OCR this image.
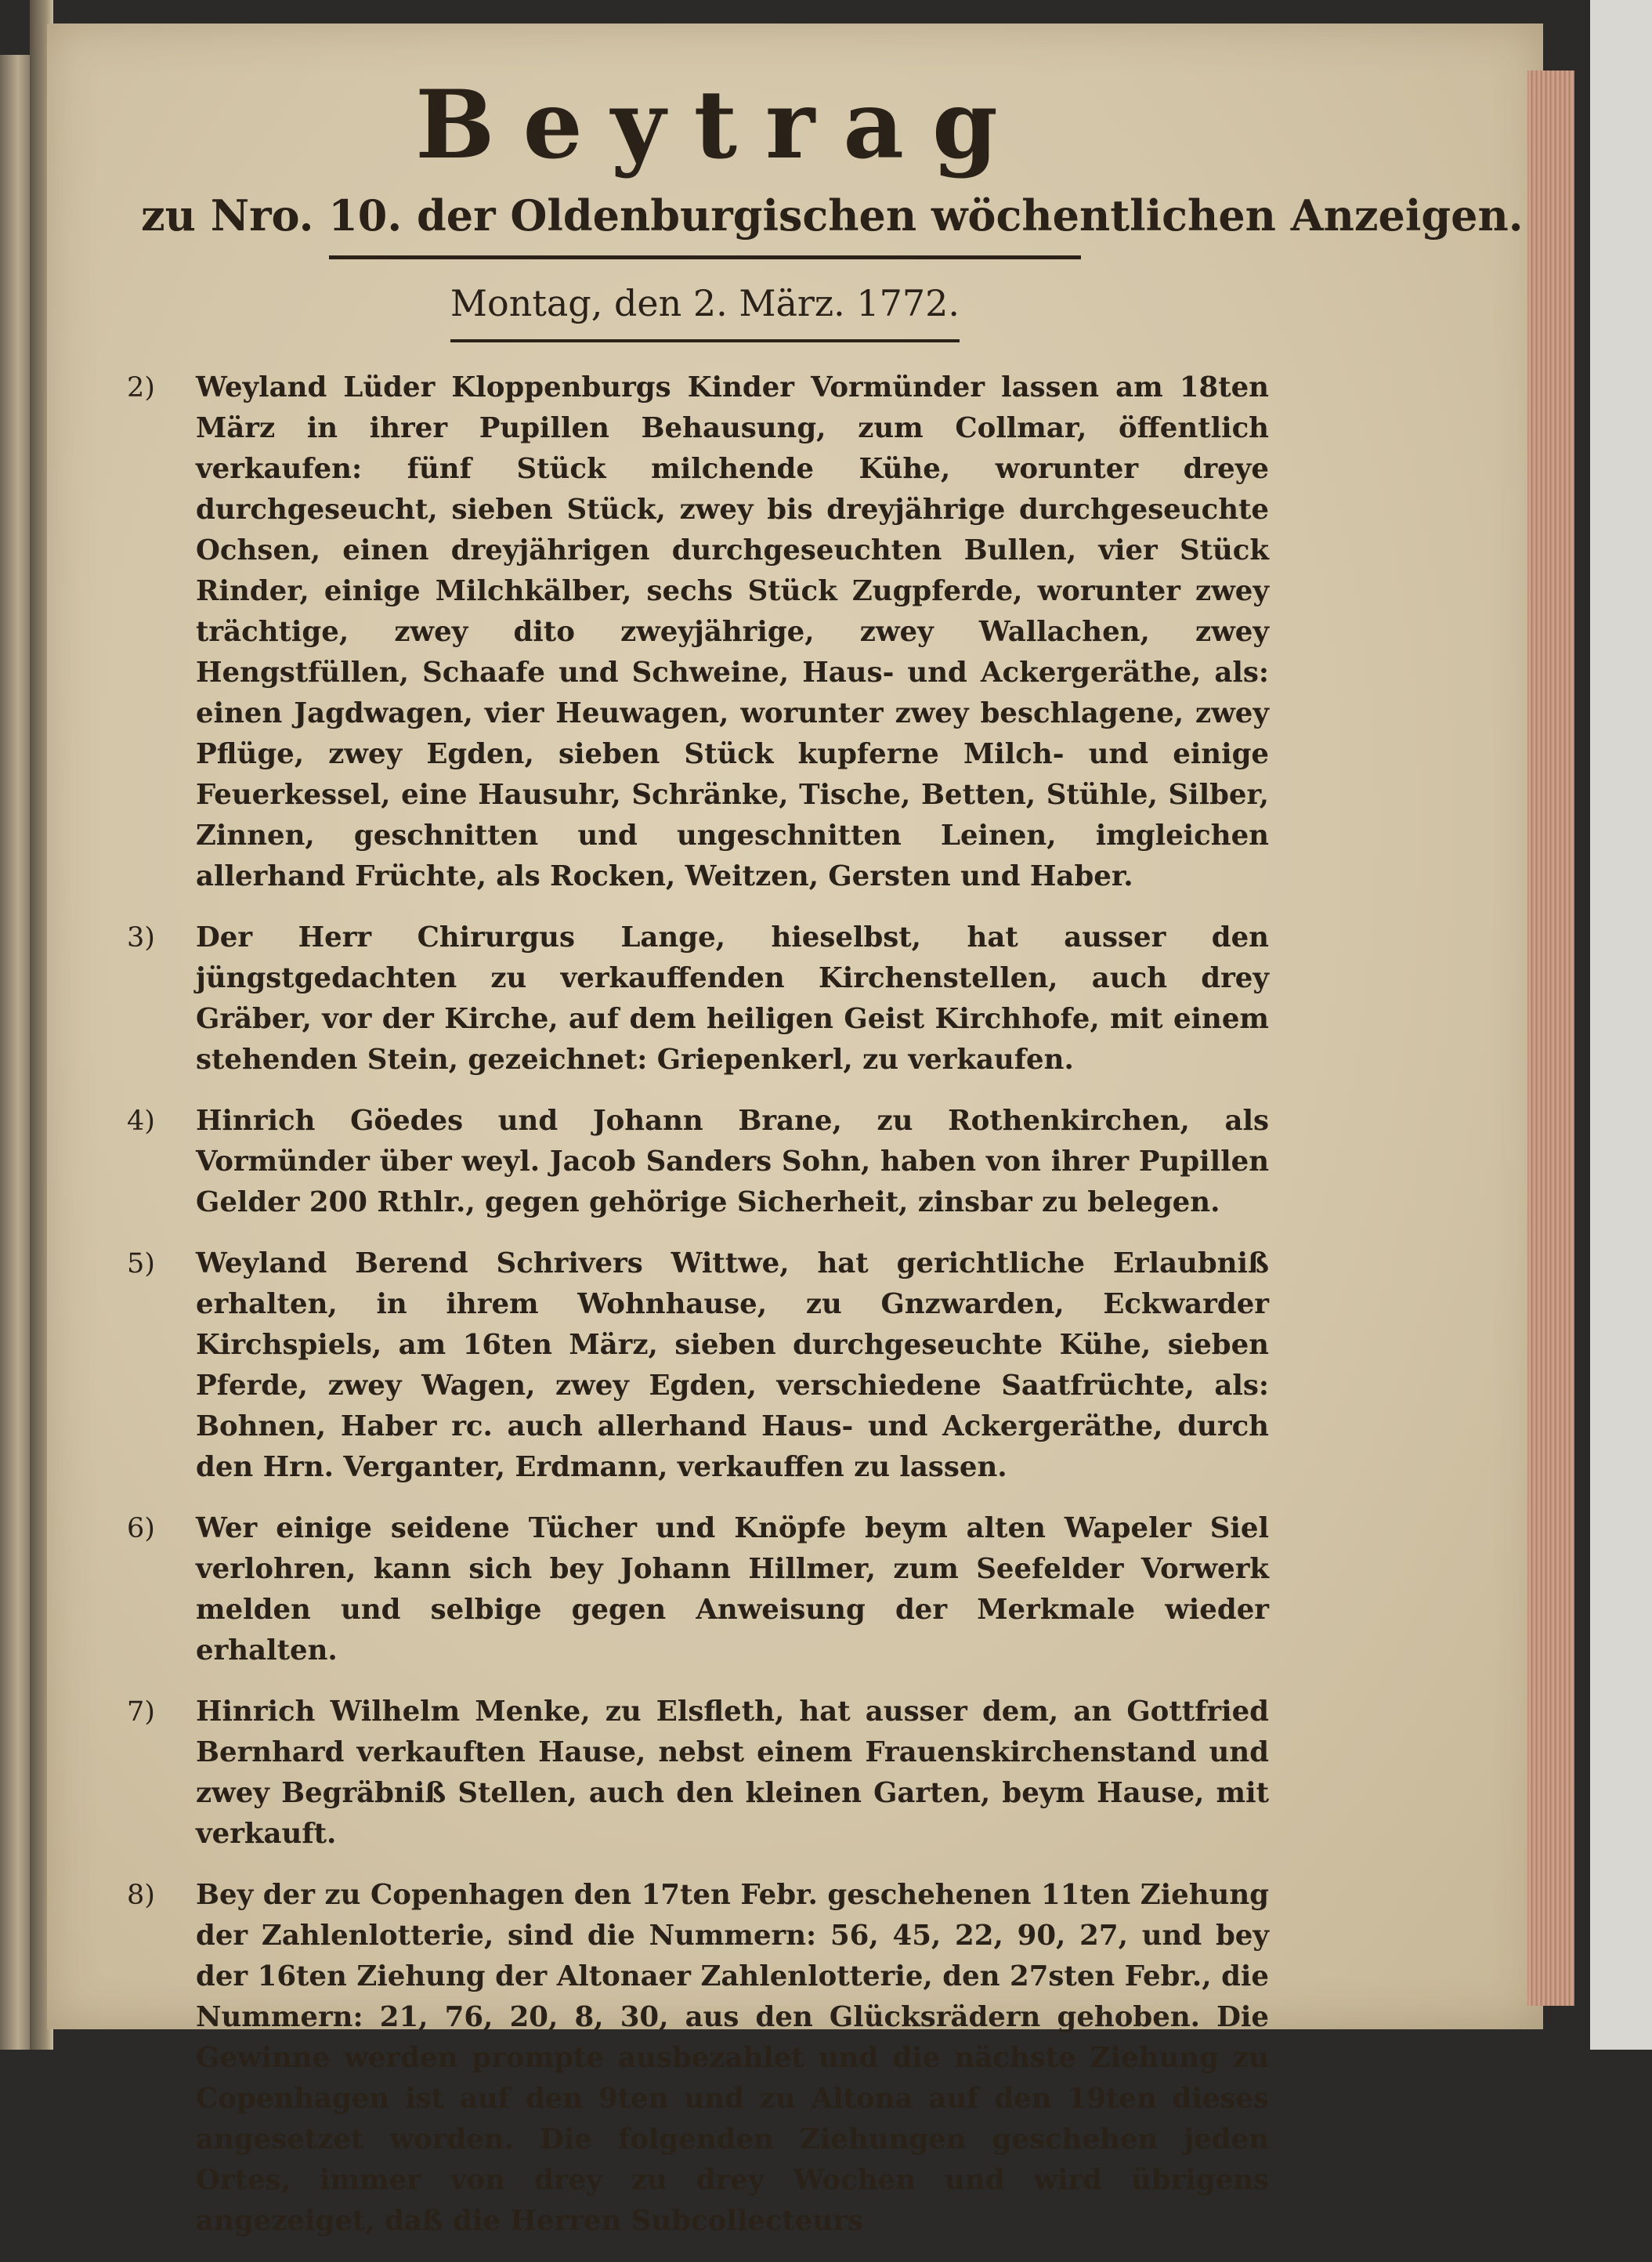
Beytrag
zu Nro. 10. der Oldenburgischen wöchentlichen Anzeigen.
Montag, den 2. März. 1772.
2) Weyland Lüder Kloppenburgs Kinder Vormünder lassen am 18ten März in ihrer Pupillen Behausung, zum Collmar, öffentlich verkaufen: fünf Stück milchende Kühe, worunter dreye durchgeseucht, sieben Stück, zwey bis dreyjährige durchgeseuchte Ochsen, einen dreyjährigen durchgeseuchten Bullen, vier Stück Rinder, einige Milchkälber, sechs Stück Zugpferde, worunter zwey trächtige, zwey dito zweyjährige, zwey Wallachen, zwey Hengstfüllen, Schaafe und Schweine, Haus- und Ackergeräthe, als: einen Jagdwagen, vier Heuwagen, worunter zwey beschlagene, zwey Pflüge, zwey Egden, sieben Stück kupferne Milch- und einige Feuerkessel, eine Hausuhr, Schränke, Tische, Betten, Stühle, Silber, Zinnen, geschnitten und ungeschnitten Leinen, imgleichen allerhand Früchte, als Rocken, Weitzen, Gersten und Haber.
3) Der Herr Chirurgus Lange, hieselbst, hat ausser den jüngstgedachten zu verkauffenden Kirchenstellen, auch drey Gräber, vor der Kirche, auf dem heiligen Geist Kirchhofe, mit einem stehenden Stein, gezeichnet: Griepenkerl, zu verkaufen.
4) Hinrich Göedes und Johann Brane, zu Rothenkirchen, als Vormünder über weyl. Jacob Sanders Sohn, haben von ihrer Pupillen Gelder 200 Rthlr., gegen gehörige Sicherheit, zinsbar zu belegen.
5) Weyland Berend Schrivers Wittwe, hat gerichtliche Erlaubniß erhalten, in ihrem Wohnhause, zu Gnzwarden, Eckwarder Kirchspiels, am 16ten März, sieben durchgeseuchte Kühe, sieben Pferde, zwey Wagen, zwey Egden, verschiedene Saatfrüchte, als: Bohnen, Haber rc. auch allerhand Haus- und Ackergeräthe, durch den Hrn. Verganter, Erdmann, verkauffen zu lassen.
6) Wer einige seidene Tücher und Knöpfe beym alten Wapeler Siel verlohren, kann sich bey Johann Hillmer, zum Seefelder Vorwerk melden und selbige gegen Anweisung der Merkmale wieder erhalten.
7) Hinrich Wilhelm Menke, zu Elsfleth, hat ausser dem, an Gottfried Bernhard verkauften Hause, nebst einem Frauenskirchenstand und zwey Begräbniß Stellen, auch den kleinen Garten, beym Hause, mit verkauft.
8) Bey der zu Copenhagen den 17ten Febr. geschehenen 11ten Ziehung der Zahlenlotterie, sind die Nummern: 56, 45, 22, 90, 27, und bey der 16ten Ziehung der Altonaer Zahlenlotterie, den 27sten Febr., die Nummern: 21, 76, 20, 8, 30, aus den Glücksrädern gehoben. Die Gewinne werden prompte ausbezahlet und die nächste Ziehung zu Copenhagen ist auf den 9ten und zu Altona auf den 19ten dieses angesetzet worden. Die folgenden Ziehungen geschehen jeden Ortes, immer von drey zu drey Wochen und wird übrigens angezeiget, daß die Herren Subcollecteurs
